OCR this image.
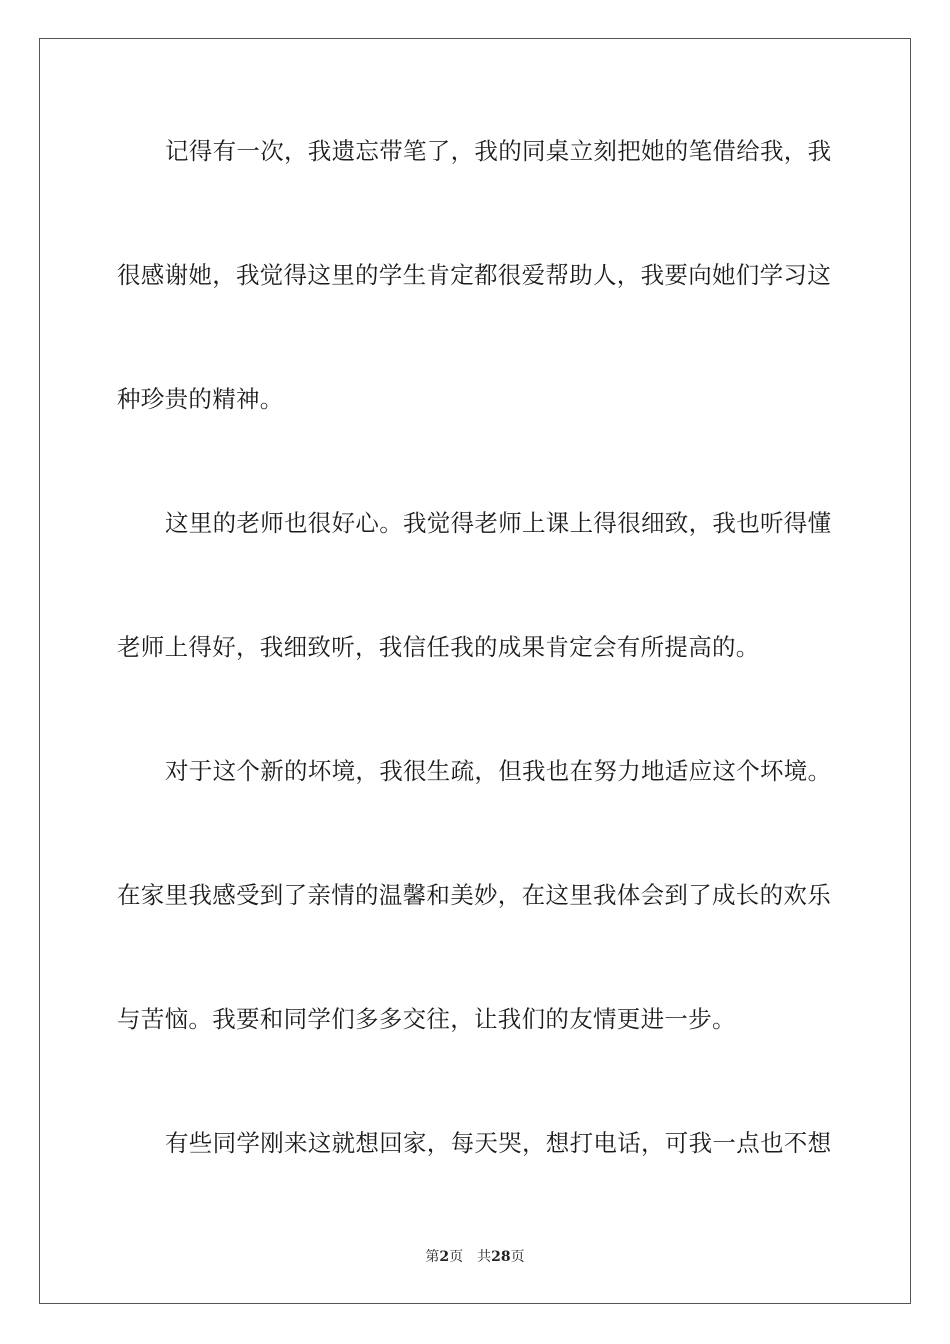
记得有一次，我遗忘带笔了，我的同桌立刻把她的笔借给我，我
很感谢她，我觉得这里的学生肯定都很爱帮助人，我要向她们学习这
种珍贵的精神。
这里的老师也很好心。我觉得老师上课上得很细致，我也听得懂
老师上得好，我细致听，我信任我的成果肯定会有所提高的。
对于这个新的坏境，我很生疏，但我也在努力地适应这个坏境。
在家里我感受到了亲情的温馨和美妙，在这里我体会到了成长的欢乐
与苦恼。我要和同学们多多交往，让我们的友情更进一步。
有些同学刚来这就想回家，每天哭，想打电话，可我一点也不想
第2页 共28页
